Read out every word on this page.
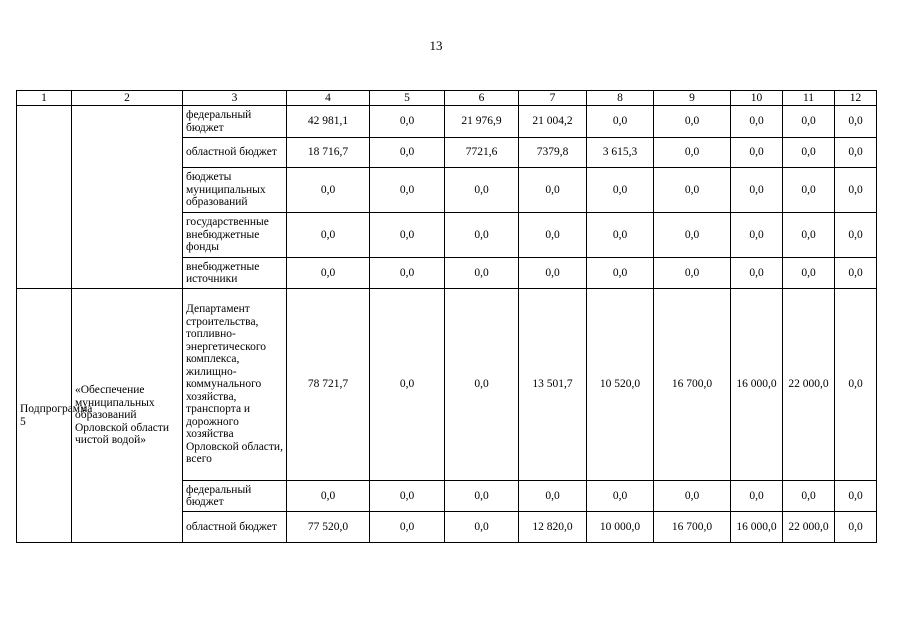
13
1	2	3	4	5	6	7	8	9	10	11	12
		федеральный бюджет	42 981,1	0,0	21 976,9	21 004,2	0,0	0,0	0,0	0,0	0,0
		областной бюджет	18 716,7	0,0	7721,6	7379,8	3 615,3	0,0	0,0	0,0	0,0
		бюджеты муниципальных образований	0,0	0,0	0,0	0,0	0,0	0,0	0,0	0,0	0,0
		государственные внебюджетные фонды	0,0	0,0	0,0	0,0	0,0	0,0	0,0	0,0	0,0
		внебюджетные источники	0,0	0,0	0,0	0,0	0,0	0,0	0,0	0,0	0,0
Подпрограмма 5	«Обеспечение муниципальных образований Орловской области чистой водой»	Департамент строительства, топливно-энергетического комплекса, жилищно-коммунального хозяйства, транспорта и дорожного хозяйства Орловской области, всего	78 721,7	0,0	0,0	13 501,7	10 520,0	16 700,0	16 000,0	22 000,0	0,0
		федеральный бюджет	0,0	0,0	0,0	0,0	0,0	0,0	0,0	0,0	0,0
		областной бюджет	77 520,0	0,0	0,0	12 820,0	10 000,0	16 700,0	16 000,0	22 000,0	0,0
